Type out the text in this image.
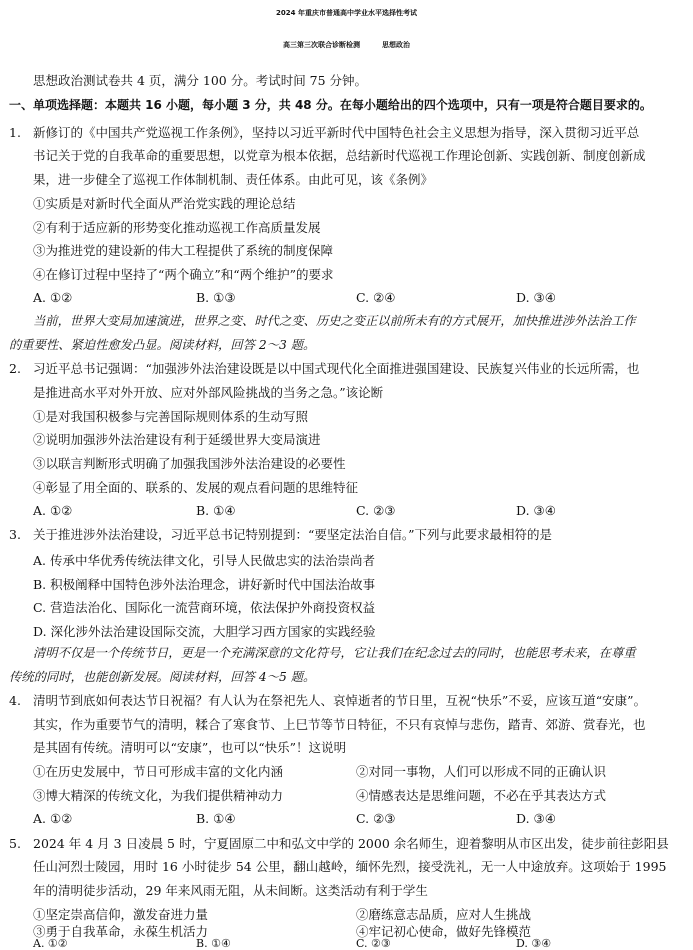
2024 年重庆市普通高中学业水平选择性考试
高三第三次联合诊断检测	思想政治
思想政治测试卷共 4 页，满分 100 分。考试时间 75 分钟。
一、单项选择题：本题共 16 小题，每小题 3 分，共 48 分。在每小题给出的四个选项中，只有一项是符合题目要求的。
1. 新修订的《中国共产党巡视工作条例》，坚持以习近平新时代中国特色社会主义思想为指导，深入贯彻习近平总
书记关于党的自我革命的重要思想，以党章为根本依据，总结新时代巡视工作理论创新、实践创新、制度创新成
果，进一步健全了巡视工作体制机制、责任体系。由此可见，该《条例》
①实质是对新时代全面从严治党实践的理论总结
②有利于适应新的形势变化推动巡视工作高质量发展
③为推进党的建设新的伟大工程提供了系统的制度保障
④在修订过程中坚持了“两个确立”和“两个维护”的要求
A. ①②	B. ①③	C. ②④	D. ③④
当前，世界大变局加速演进，世界之变、时代之变、历史之变正以前所未有的方式展开，加快推进涉外法治工作
的重要性、紧迫性愈发凸显。阅读材料，回答 2～3 题。
2. 习近平总书记强调：“加强涉外法治建设既是以中国式现代化全面推进强国建设、民族复兴伟业的长远所需，也
是推进高水平对外开放、应对外部风险挑战的当务之急。”该论断
①是对我国积极参与完善国际规则体系的生动写照
②说明加强涉外法治建设有利于延缓世界大变局演进
③以联言判断形式明确了加强我国涉外法治建设的必要性
④彰显了用全面的、联系的、发展的观点看问题的思维特征
A. ①②	B. ①④	C. ②③	D. ③④
3. 关于推进涉外法治建设，习近平总书记特别提到：“要坚定法治自信。”下列与此要求最相符的是
A. 传承中华优秀传统法律文化，引导人民做忠实的法治崇尚者
B. 积极阐释中国特色涉外法治理念，讲好新时代中国法治故事
C. 营造法治化、国际化一流营商环境，依法保护外商投资权益
D. 深化涉外法治建设国际交流，大胆学习西方国家的实践经验
清明不仅是一个传统节日，更是一个充满深意的文化符号，它让我们在纪念过去的同时，也能思考未来，在尊重
传统的同时，也能创新发展。阅读材料，回答 4～5 题。
4. 清明节到底如何表达节日祝福？有人认为在祭祀先人、哀悼逝者的节日里，互祝“快乐”不妥，应该互道“安康”。
其实，作为重要节气的清明，糅合了寒食节、上巳节等节日特征，不只有哀悼与悲伤，踏青、郊游、赏春光，也
是其固有传统。清明可以“安康”，也可以“快乐”！这说明
①在历史发展中，节日可形成丰富的文化内涵	②对同一事物，人们可以形成不同的正确认识
③博大精深的传统文化，为我们提供精神动力	④情感表达是思维问题，不必在乎其表达方式
A. ①②	B. ①④	C. ②③	D. ③④
5. 2024 年 4 月 3 日凌晨 5 时，宁夏固原二中和弘文中学的 2000 余名师生，迎着黎明从市区出发，徒步前往彭阳县
任山河烈士陵园，用时 16 小时徒步 54 公里，翻山越岭，缅怀先烈，接受洗礼，无一人中途放弃。这项始于 1995
年的清明徒步活动，29 年来风雨无阻，从未间断。这类活动有利于学生
①坚定崇高信仰，激发奋进力量	②磨练意志品质，应对人生挑战
③勇于自我革命，永葆生机活力	④牢记初心使命，做好先锋模范
A. ①②	B. ①④	C. ②③	D. ③④
